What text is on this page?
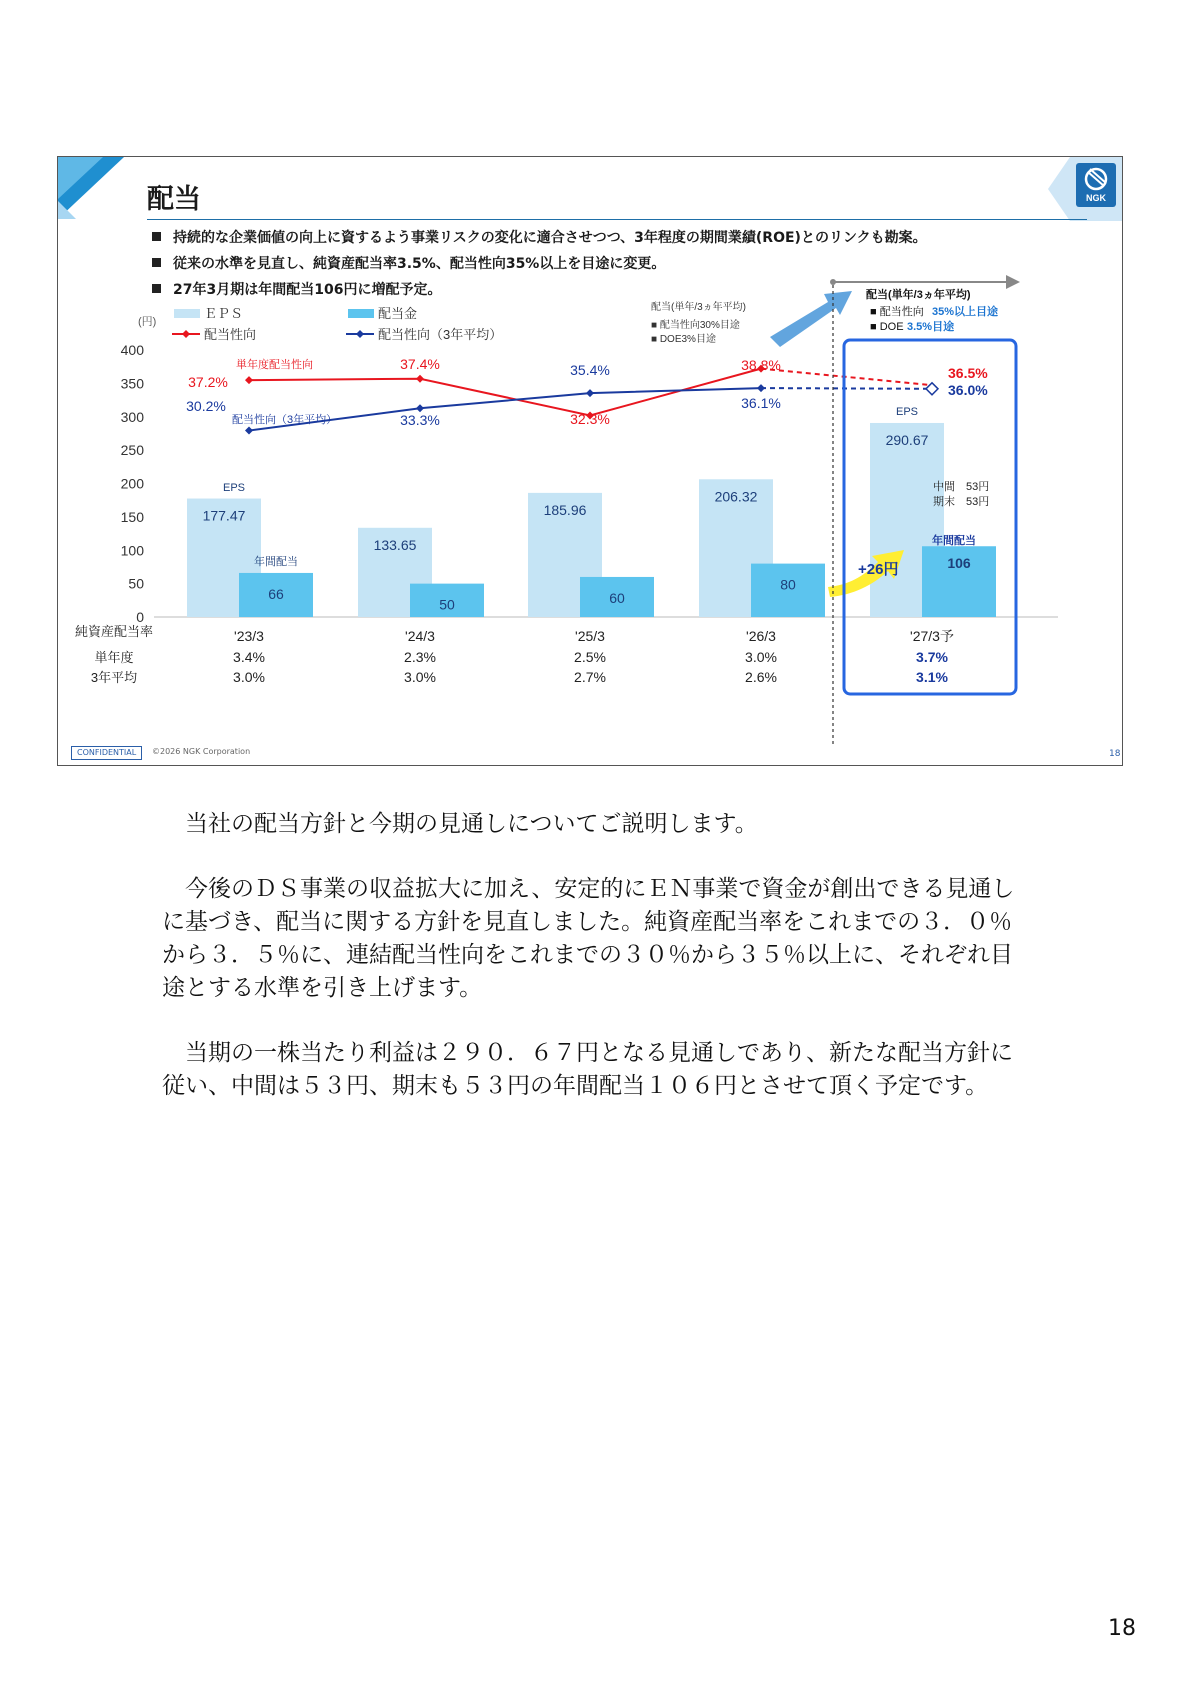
NGK
配当
持続的な企業価値の向上に資するよう事業リスクの変化に適合させつつ、3年程度の期間業績(ROE)とのリンクも勘案。
従来の水準を見直し、純資産配当率3.5%、配当性向35%以上を目途に変更。
27年3月期は年間配当106円に増配予定。
400
350
300
250
200
150
100
50
0
(円)
ＥＰＳ	配当金
配当性向	配当性向（3年平均）
177.47
66
133.65
50
185.96
60
206.32
80
290.67
106
37.2%
30.2%
37.4%
33.3%	32.3%
35.4%	38.8%
36.1%
36.5%
36.0%
EPS
EPS
年間配当
年間配当
単年度配当性向
配当性向（3年平均）
中間　53円
期末　53円
+26円
配当(単年/3ヵ年平均)
■ 配当性向30%目途
■ DOE3%目途
配当(単年/3ヵ年平均)
■ 配当性向 35%以上目途
■ DOE 3.5%目途
純資産配当率	'23/3	'24/3	'25/3	'26/3	'27/3予
単年度	3.4%	2.3%	2.5%	3.0%	3.7%
3年平均	3.0%	3.0%	2.7%	2.6%	3.1%
CONFIDENTIAL	©2026 NGK Corporation	18

　当社の配当方針と今期の見通しについてご説明します。

　今後のＤＳ事業の収益拡大に加え、安定的にＥＮ事業で資金が創出できる見通しに基づき、配当に関する方針を見直しました。純資産配当率をこれまでの３．０％から３．５％に、連結配当性向をこれまでの３０％から３５％以上に、それぞれ目途とする水準を引き上げます。

　当期の一株当たり利益は２９０．６７円となる見通しであり、新たな配当方針に従い、中間は５３円、期末も５３円の年間配当１０６円とさせて頂く予定です。

18
